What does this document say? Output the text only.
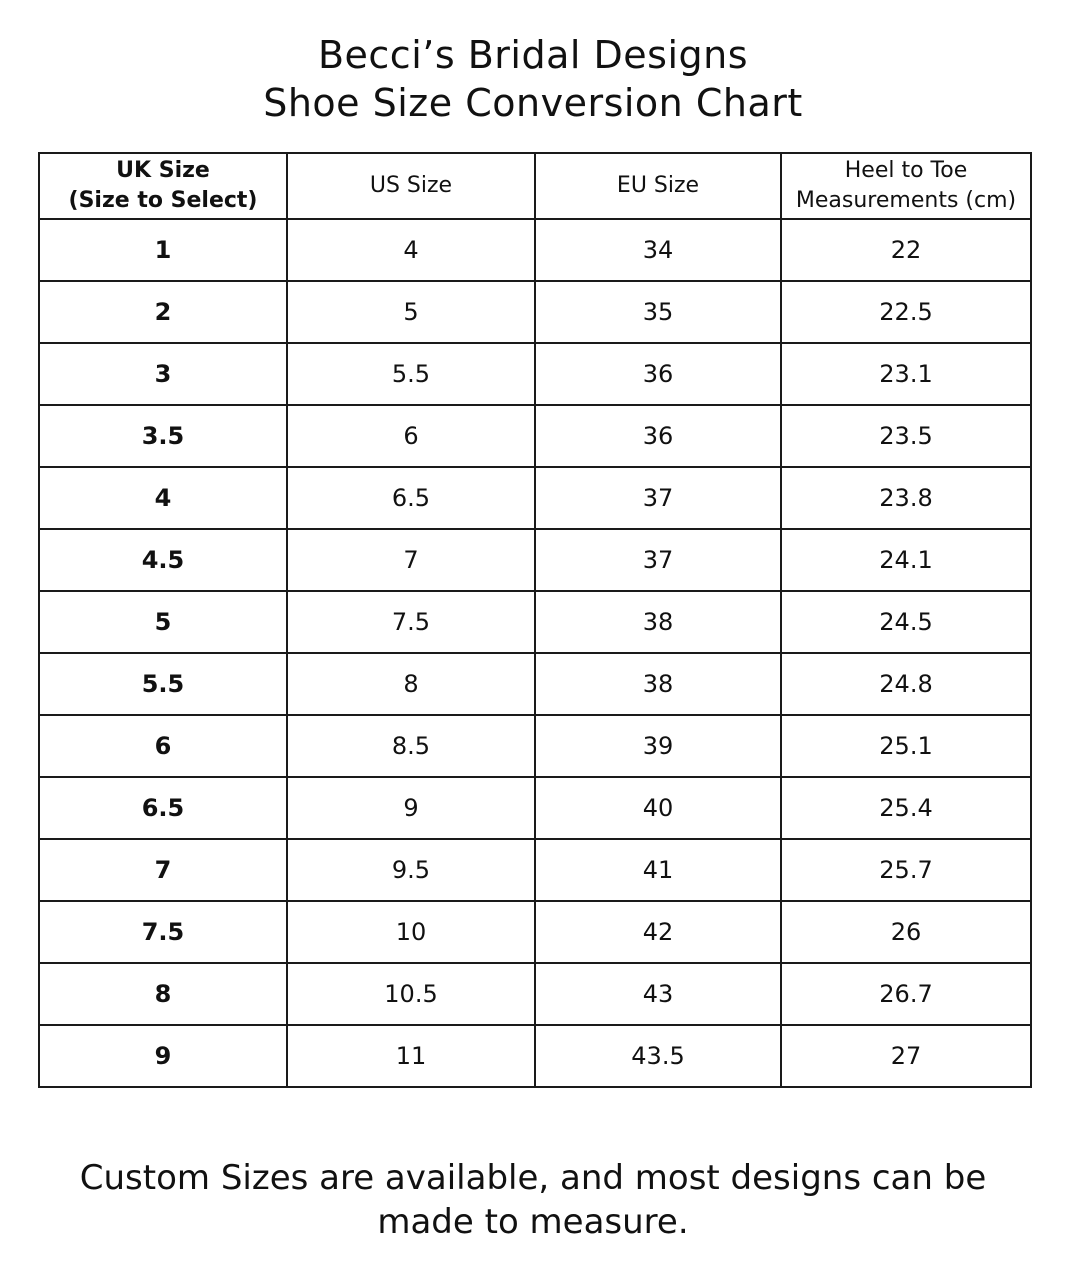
Becci’s Bridal Designs
Shoe Size Conversion Chart
UK Size
(Size to Select)	US Size	EU Size	Heel to Toe
Measurements (cm)

1	4	34	22
2	5	35	22.5
3	5.5	36	23.1
3.5	6	36	23.5
4	6.5	37	23.8
4.5	7	37	24.1
5	7.5	38	24.5
5.5	8	38	24.8
6	8.5	39	25.1
6.5	9	40	25.4
7	9.5	41	25.7
7.5	10	42	26
8	10.5	43	26.7
9	11	43.5	27
Custom Sizes are available, and most designs can be made to measure.
